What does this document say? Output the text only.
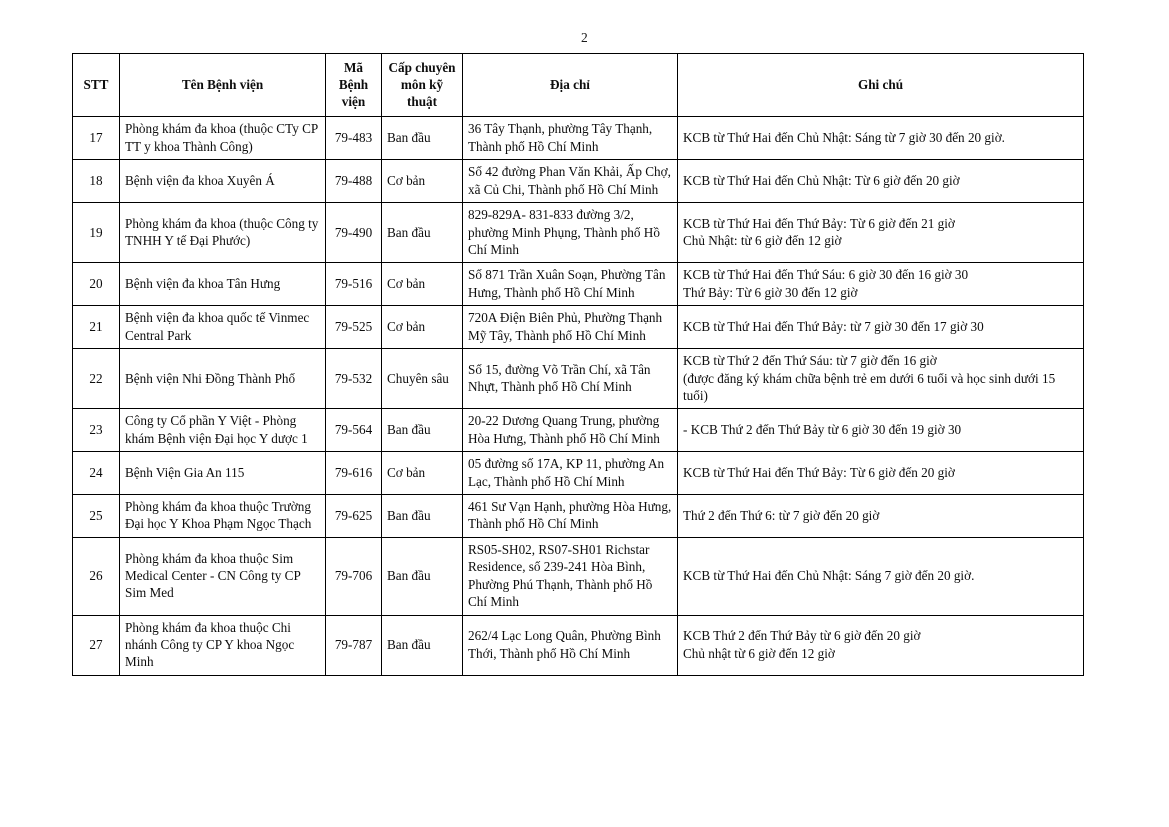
2
STT	Tên Bệnh viện	Mã Bệnh viện	Cấp chuyên môn kỹ thuật	Địa chỉ	Ghi chú
17	Phòng khám đa khoa (thuộc CTy CP TT y khoa Thành Công)	79-483	Ban đầu	36 Tây Thạnh, phường Tây Thạnh, Thành phố Hồ Chí Minh	KCB từ Thứ Hai đến Chủ Nhật: Sáng từ 7 giờ 30 đến 20 giờ.

18	Bệnh viện đa khoa Xuyên Á	79-488	Cơ bản	Số 42 đường Phan Văn Khải, Ấp Chợ, xã Củ Chi, Thành phố Hồ Chí Minh	KCB từ Thứ Hai đến Chủ Nhật: Từ 6 giờ đến 20 giờ

19	Phòng khám đa khoa (thuộc Công ty TNHH Y tế Đại Phước)	79-490	Ban đầu	829-829A- 831-833 đường 3/2, phường Minh Phụng, Thành phố Hồ Chí Minh	KCB từ Thứ Hai đến Thứ Bảy: Từ 6 giờ đến 21 giờ
Chủ Nhật: từ 6 giờ đến 12 giờ

20	Bệnh viện đa khoa Tân Hưng	79-516	Cơ bản	Số 871 Trần Xuân Soạn, Phường Tân Hưng, Thành phố Hồ Chí Minh	KCB từ Thứ Hai đến Thứ Sáu: 6 giờ 30 đến 16 giờ 30
Thứ Bảy: Từ 6 giờ 30 đến 12 giờ

21	Bệnh viện đa khoa quốc tế Vinmec Central Park	79-525	Cơ bản	720A Điện Biên Phủ, Phường Thạnh Mỹ Tây, Thành phố Hồ Chí Minh	KCB từ Thứ Hai đến Thứ Bảy: từ 7 giờ 30 đến 17 giờ 30

22	Bệnh viện Nhi Đồng Thành Phố	79-532	Chuyên sâu	Số 15, đường Võ Trần Chí, xã Tân Nhựt, Thành phố Hồ Chí Minh	KCB từ Thứ 2 đến Thứ Sáu: từ 7 giờ đến 16 giờ
(được đăng ký khám chữa bệnh trẻ em dưới 6 tuổi và học sinh dưới 15 tuổi)

23	Công ty Cổ phần Y Việt - Phòng khám Bệnh viện Đại học Y dược 1	79-564	Ban đầu	20-22 Dương Quang Trung, phường Hòa Hưng, Thành phố Hồ Chí Minh	- KCB Thứ 2 đến Thứ Bảy từ 6 giờ 30 đến 19 giờ 30

24	Bệnh Viện Gia An 115	79-616	Cơ bản	05 đường số 17A, KP 11, phường An Lạc, Thành phố Hồ Chí Minh	KCB từ Thứ Hai đến Thứ Bảy: Từ 6 giờ đến 20 giờ

25	Phòng khám đa khoa thuộc Trường Đại học Y Khoa Phạm Ngọc Thạch	79-625	Ban đầu	461 Sư Vạn Hạnh, phường Hòa Hưng, Thành phố Hồ Chí Minh	Thứ 2 đến Thứ 6: từ 7 giờ đến 20 giờ

26	Phòng khám đa khoa thuộc Sim Medical Center - CN Công ty CP Sim Med	79-706	Ban đầu	RS05-SH02, RS07-SH01 Richstar Residence, số 239-241 Hòa Bình, Phường Phú Thạnh, Thành phố Hồ Chí Minh	KCB từ Thứ Hai đến Chủ Nhật: Sáng 7 giờ đến 20 giờ.

27	Phòng khám đa khoa thuộc Chi nhánh Công ty CP Y khoa Ngọc Minh	79-787	Ban đầu	262/4 Lạc Long Quân, Phường Bình Thới, Thành phố Hồ Chí Minh	KCB Thứ 2 đến Thứ Bảy từ 6 giờ đến 20 giờ
Chủ nhật từ 6 giờ đến 12 giờ
